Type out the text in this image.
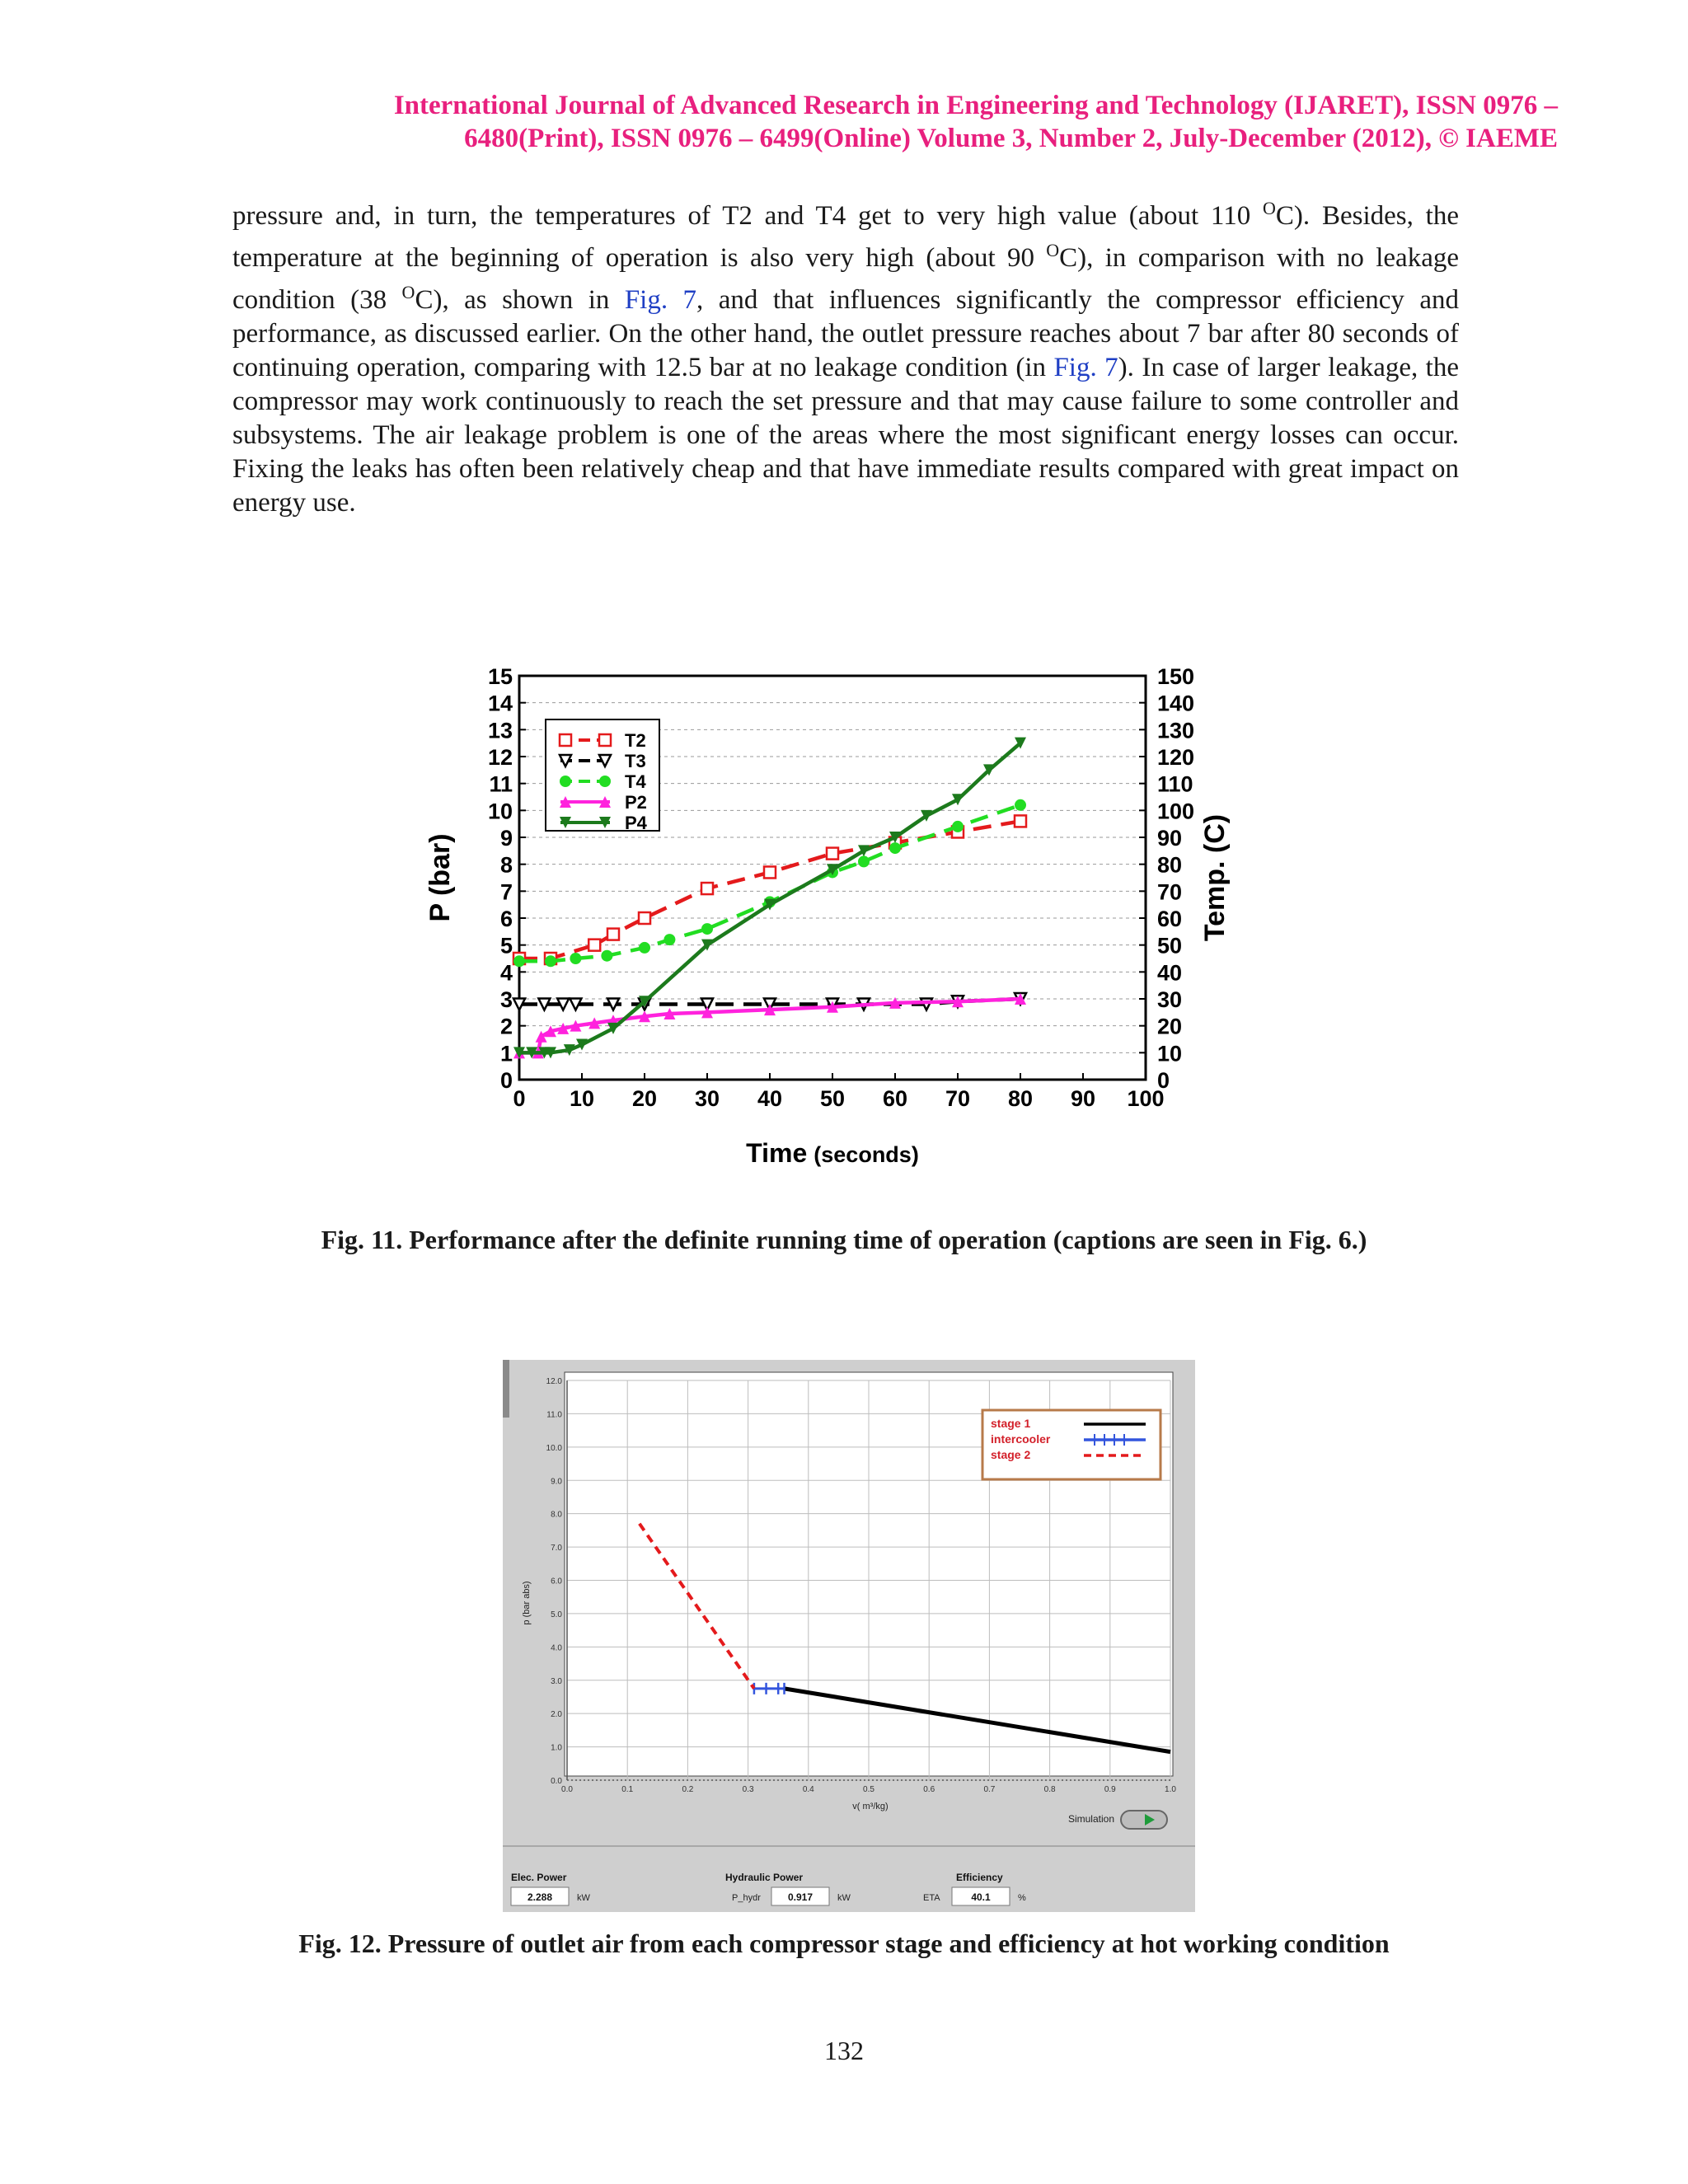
International Journal of Advanced Research in Engineering and Technology (IJARET), ISSN 0976 –
6480(Print), ISSN 0976 – 6499(Online) Volume 3, Number 2, July-December (2012), © IAEME
pressure and, in turn, the temperatures of T2 and T4 get to very high value (about 110 $^O$C). Besides, the temperature at the beginning of operation is also very high (about 90 $^O$C), in comparison with no leakage condition (38 $^O$C), as shown in Fig. 7, and that influences significantly the compressor efficiency and performance, as discussed earlier. On the other hand, the outlet pressure reaches about 7 bar after 80 seconds of continuing operation, comparing with 12.5 bar at no leakage condition (in Fig. 7). In case of larger leakage, the compressor may work continuously to reach the set pressure and that may cause failure to some controller and subsystems. The air leakage problem is one of the areas where the most significant energy losses can occur. Fixing the leaks has often been relatively cheap and that have immediate results compared with great impact on energy use.
0
1
2
3
4
5
6
7
8
9
10
11
12
13
14
15
0
10
20
30
40
50
60
70
80
90
100
110
120
130
140
150
0 10 20 30 40 50 60 70 80 90 100
T2
T3
T4
P2
P4
P (bar)	Temp. (C)
Time (seconds)
Fig. 11. Performance after the definite running time of operation (captions are seen in Fig. 6.)
0.0	0.1	0.2	0.3	0.4	0.5	0.6	0.7	0.8	0.9	1.0
0.0
1.0
2.0
3.0
4.0
5.0
6.0
7.0
8.0
9.0
10.0
11.0
12.0
stage 1
intercooler
stage 2
p (bar abs)
v( m³/kg)
Simulation
Elec. Power
2.288	kW
Hydraulic Power
P_hydr	0.917	kW
Efficiency
ETA	40.1	%
Fig. 12. Pressure of outlet air from each compressor stage and efficiency at hot working condition
132
